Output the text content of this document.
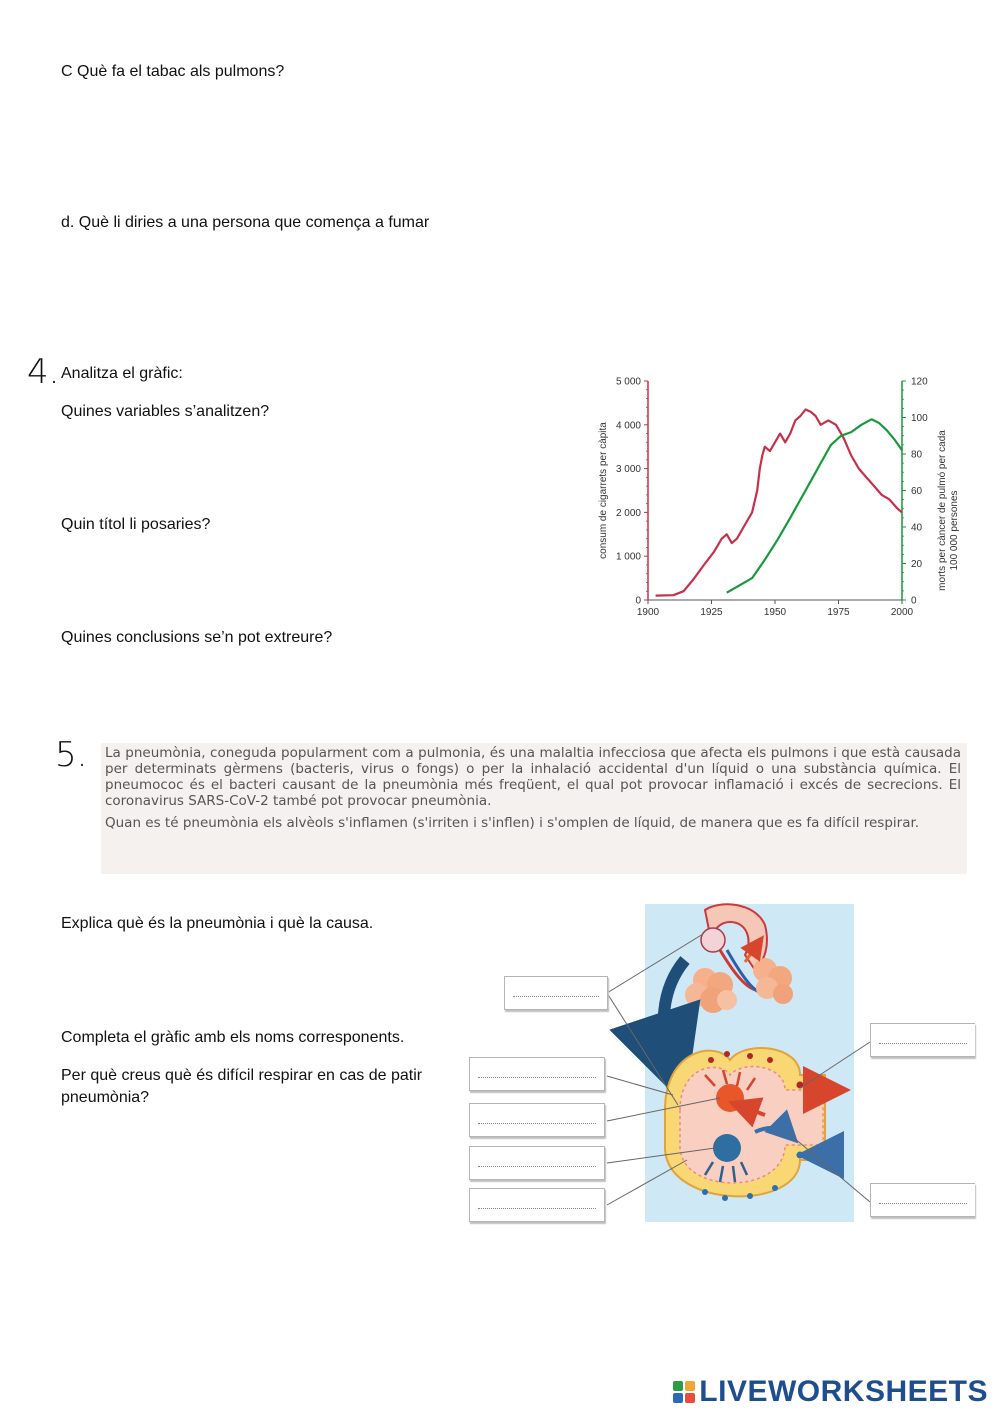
C Què fa el tabac als pulmons?

d. Què li diries a una persona que comença a fumar

4. Analitza el gràfic:

Quines variables s’analitzen?

Quin títol li posaries?

Quines conclusions se’n pot extreure?

0
1 000
2 000
3 000
4 000
5 000
0
20
40
60
80
100
120
1900	1925	1950	1975	2000
consum de cigarrets per càpita	morts per càncer de pulmó per cada 100 000 persones
5. La pneumònia, coneguda popularment com a pulmonia, és una malaltia infecciosa que afecta els pulmons i que està causada per determinats gèrmens (bacteris, virus o fongs) o per la inhalació accidental d'un líquid o una substància química. El pneumococ és el bacteri causant de la pneumònia més freqüent, el qual pot provocar inflamació i excés de secrecions. El coronavirus SARS-CoV-2 també pot provocar pneumònia.

Quan es té pneumònia els alvèols s'inflamen (s'irriten i s'inflen) i s'omplen de líquid, de manera que es fa difícil respirar.

Explica què és la pneumònia i què la causa.

Completa el gràfic amb els noms corresponents.

Per què creus què és difícil respirar en cas de patir pneumònia?

LIVEWORKSHEETS
